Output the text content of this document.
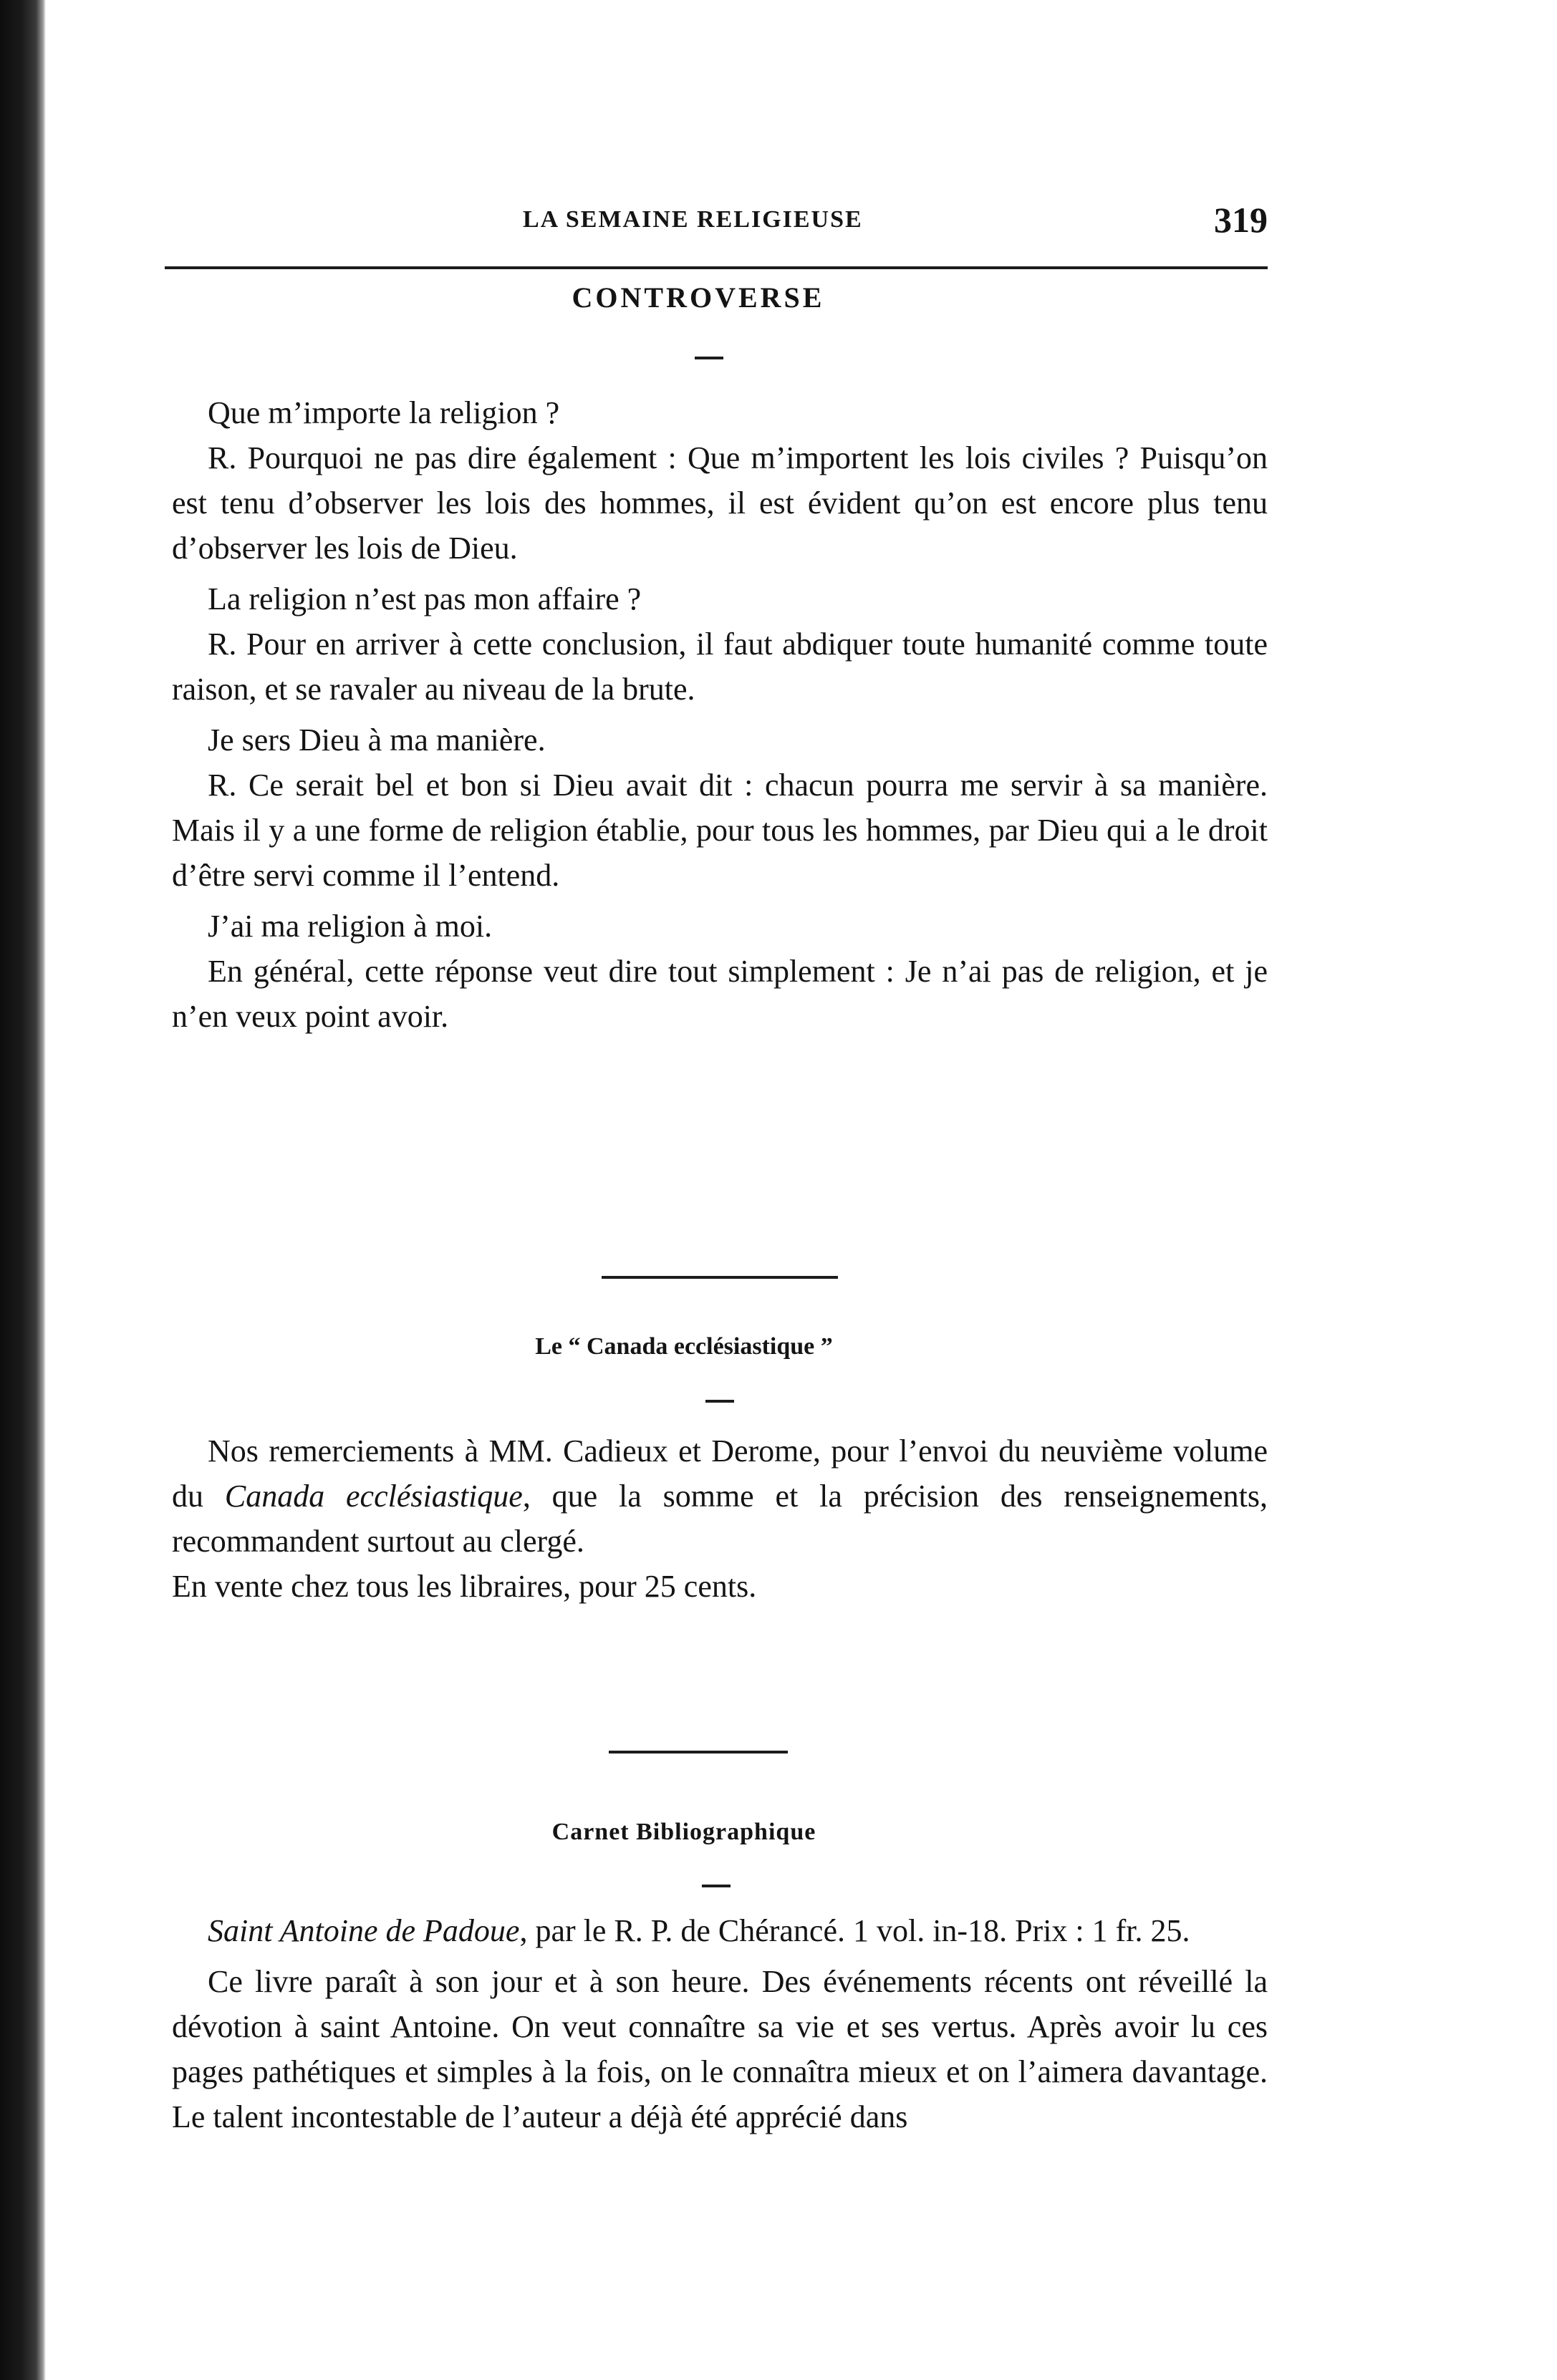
LA SEMAINE RELIGIEUSE	319
CONTROVERSE

Que m’importe la religion ?

R. Pourquoi ne pas dire également : Que m’importent les lois civiles ? Puisqu’on est tenu d’observer les lois des hommes, il est évident qu’on est encore plus tenu d’observer les lois de Dieu.

La religion n’est pas mon affaire ?

R. Pour en arriver à cette conclusion, il faut abdiquer toute humanité comme toute raison, et se ravaler au niveau de la brute.

Je sers Dieu à ma manière.

R. Ce serait bel et bon si Dieu avait dit : chacun pourra me servir à sa manière. Mais il y a une forme de religion établie, pour tous les hommes, par Dieu qui a le droit d’être servi comme il l’entend.

J’ai ma religion à moi.

En général, cette réponse veut dire tout simplement : Je n’ai pas de religion, et je n’en veux point avoir.

Le “ Canada ecclésiastique ”

Nos remerciements à MM. Cadieux et Derome, pour l’envoi du neuvième volume du Canada ecclésiastique, que la somme et la précision des renseignements, recommandent surtout au clergé.

En vente chez tous les libraires, pour 25 cents.

Carnet Bibliographique

Saint Antoine de Padoue, par le R. P. de Chérancé. 1 vol. in-18. Prix : 1 fr. 25.

Ce livre paraît à son jour et à son heure. Des événements récents ont réveillé la dévotion à saint Antoine. On veut connaître sa vie et ses vertus. Après avoir lu ces pages pathétiques et simples à la fois, on le connaîtra mieux et on l’aimera davantage. Le talent incontestable de l’auteur a déjà été apprécié dans
